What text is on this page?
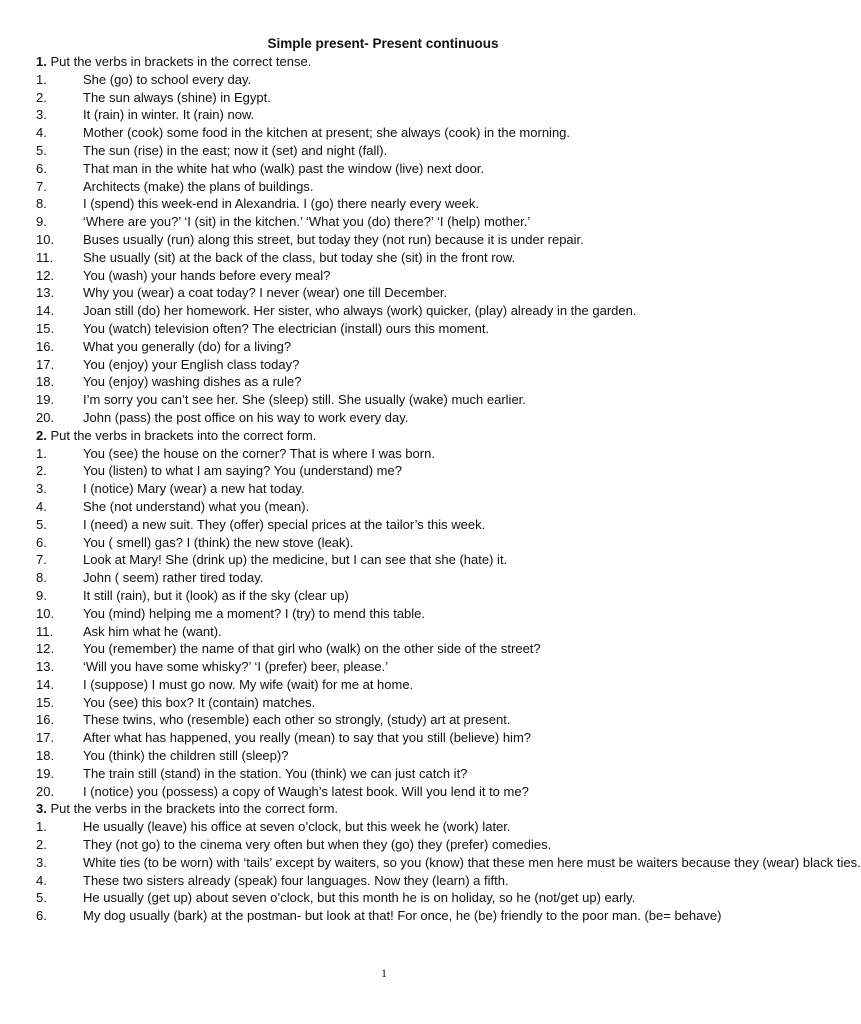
Simple present- Present continuous
1. Put the verbs in brackets in the correct tense.
1.	She (go) to school every day.
2.	The sun always (shine) in Egypt.
3.	It (rain) in winter. It (rain) now.
4.	Mother (cook) some food in the kitchen at present; she always (cook) in the morning.
5.	The sun (rise) in the east; now it (set) and night (fall).
6.	That man in the white hat who (walk) past the window (live) next door.
7.	Architects (make) the plans of buildings.
8.	I (spend) this week-end in Alexandria. I (go) there nearly every week.
9.	‘Where are you?’ ‘I (sit) in the kitchen.’ ‘What you (do) there?’ ‘I (help) mother.’
10.	Buses usually (run) along this street, but today they (not run) because it is under repair.
11.	She usually (sit) at the back of the class, but today she (sit) in the front row.
12.	You (wash) your hands before every meal?
13.	Why you (wear) a coat today? I never (wear) one till December.
14.	Joan still (do) her homework. Her sister, who always (work) quicker, (play) already in the garden.
15.	You (watch) television often? The electrician (install) ours this moment.
16.	What you generally (do) for a living?
17.	You (enjoy) your English class today?
18.	You (enjoy) washing dishes as a rule?
19.	I’m sorry you can’t see her. She (sleep) still. She usually (wake) much earlier.
20.	John (pass) the post office on his way to work every day.
2. Put the verbs in brackets into the correct form.
1.	You (see) the house on the corner? That is where I was born.
2.	You (listen) to what I am saying? You (understand) me?
3.	I (notice) Mary (wear) a new hat today.
4.	She (not understand) what you (mean).
5.	I (need) a new suit. They (offer) special prices at the tailor’s this week.
6.	You ( smell) gas? I (think) the new stove (leak).
7.	Look at Mary! She (drink up) the medicine, but I can see that she (hate) it.
8.	John ( seem) rather tired today.
9.	It still (rain), but it (look) as if the sky (clear up)
10.	You (mind) helping me a moment? I (try) to mend this table.
11.	Ask him what he (want).
12.	You (remember) the name of that girl who (walk) on the other side of the street?
13.	‘Will you have some whisky?’ ‘I (prefer) beer, please.’
14.	I (suppose) I must go now. My wife (wait) for me at home.
15.	You (see) this box? It (contain) matches.
16.	These twins, who (resemble) each other so strongly, (study) art at present.
17.	After what has happened, you really (mean) to say that you still (believe) him?
18.	You (think) the children still (sleep)?
19.	The train still (stand) in the station. You (think) we can just catch it?
20.	I (notice) you (possess) a copy of Waugh’s latest book. Will you lend it to me?
3. Put the verbs in the brackets into the correct form.
1.	He usually (leave) his office at seven o’clock, but this week he (work) later.
2.	They (not go) to the cinema very often but when they (go) they (prefer) comedies.
3.	White ties (to be worn) with ‘tails’ except by waiters, so you (know) that these men here must be waiters because they (wear) black ties.
4.	These two sisters already (speak) four languages. Now they (learn) a fifth.
5.	He usually (get up) about seven o’clock, but this month he is on holiday, so he (not/get up) early.
6.	My dog usually (bark) at the postman- but look at that! For once, he (be) friendly to the poor man. (be= behave)
1
